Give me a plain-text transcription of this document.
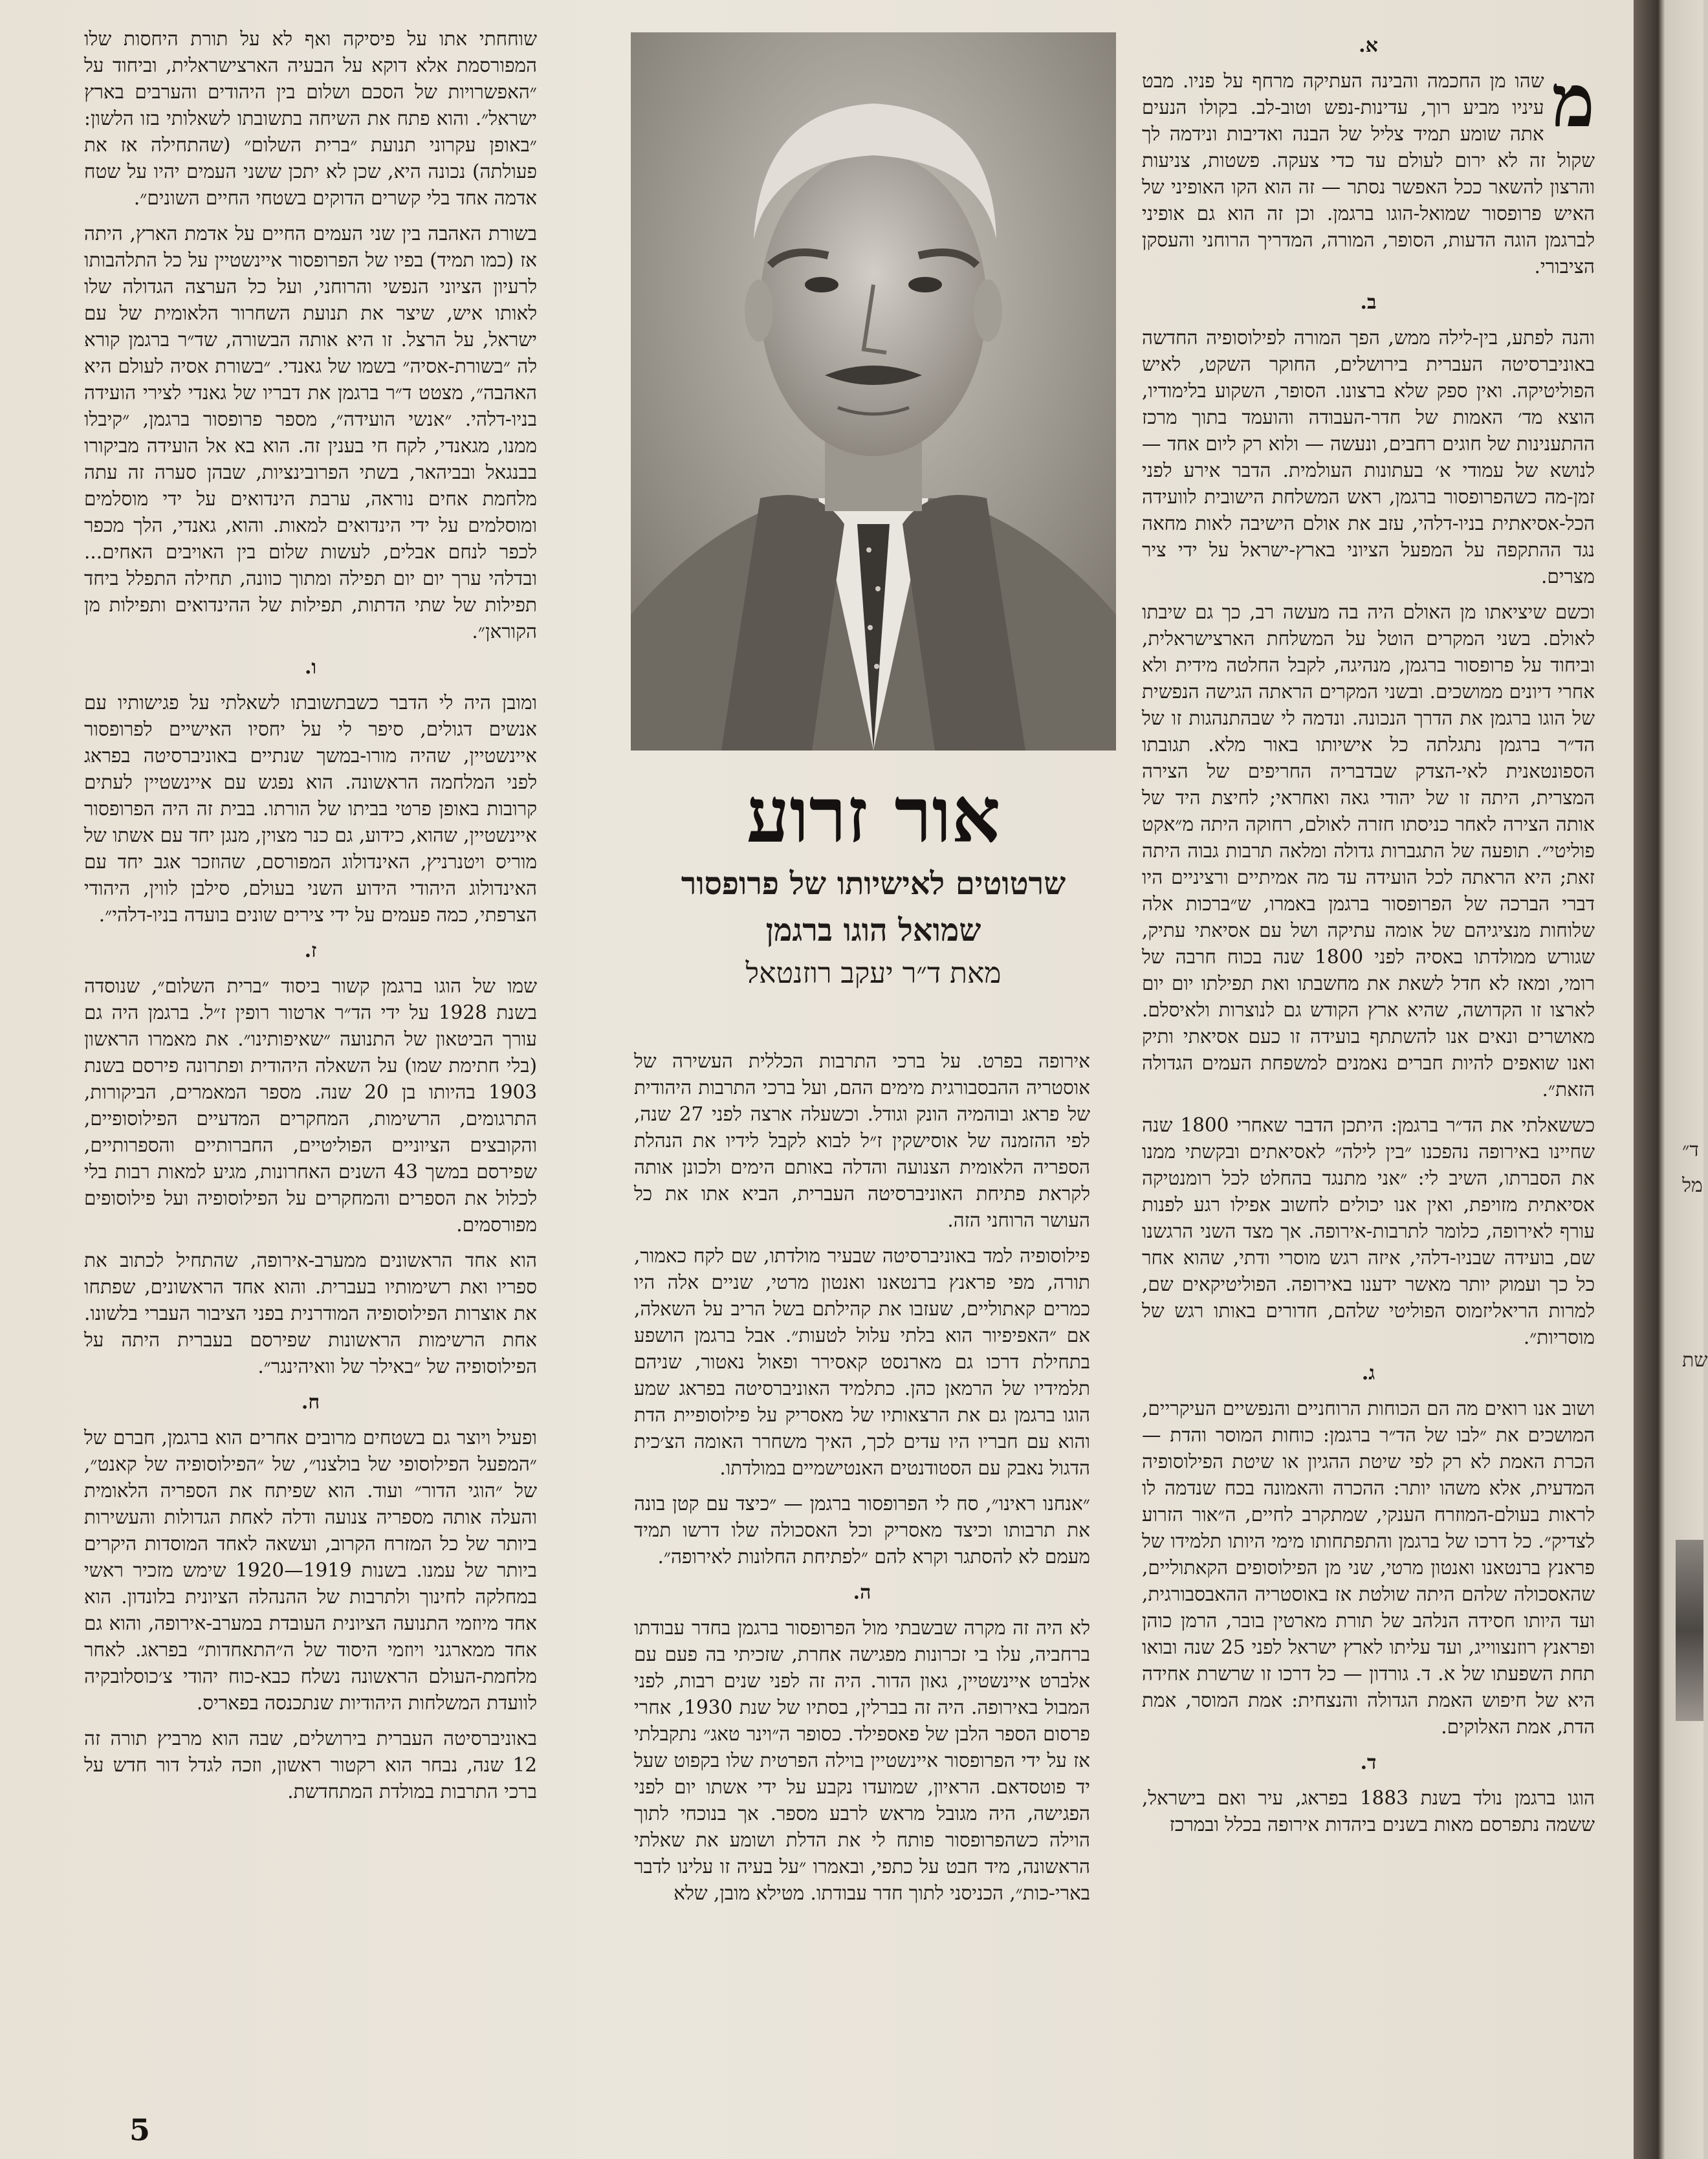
א.

מ
שהו מן החכמה והבינה העתיקה מרחף על פניו. מבט עיניו מביע רוך, עדינות-נפש וטוב-לב. בקולו הנעים אתה שומע תמיד צליל של הבנה ואדיבות ונידמה לך שקול זה לא ירום לעולם עד כדי צעקה. פשטות, צניעות והרצון להשאר ככל האפשר נסתר — זה הוא הקו האופיני של האיש פרופסור שמואל-הוגו ברגמן. וכן זה הוא גם אופיני לברגמן הוגה הדעות, הסופר, המורה, המדריך הרוחני והעסקן הציבורי.

ב.

והנה לפתע, בין-לילה ממש, הפך המורה לפילוסופיה החדשה באוניברסיטה העברית בירושלים, החוקר השקט, לאיש הפוליטיקה. ואין ספק שלא ברצונו. הסופר, השקוע בלימודיו, הוצא מד׳ האמות של חדר-העבודה והועמד בתוך מרכז ההתענינות של חוגים רחבים, ונעשה — ולוא רק ליום אחד — לנושא של עמודי א׳ בעתונות העולמית. הדבר אירע לפני זמן-מה כשהפרופסור ברגמן, ראש המשלחת הישובית לוועידה הכל-אסיאתית בניו-דלהי, עזב את אולם הישיבה לאות מחאה נגד ההתקפה על המפעל הציוני בארץ-ישראל על ידי ציר מצרים.

וכשם שיציאתו מן האולם היה בה מעשה רב, כך גם שיבתו לאולם. בשני המקרים הוטל על המשלחת הארצישראלית, וביחוד על פרופסור ברגמן, מנהיגה, לקבל החלטה מידית ולא אחרי דיונים ממושכים. ובשני המקרים הראתה הגישה הנפשית של הוגו ברגמן את הדרך הנכונה. ונדמה לי שבהתנהגות זו של הד״ר ברגמן נתגלתה כל אישיותו באור מלא. תגובתו הספונטאנית לאי-הצדק שבדבריה החריפים של הצירה המצרית, היתה זו של יהודי גאה ואחראי; לחיצת היד של אותה הצירה לאחר כניסתו חזרה לאולם, רחוקה היתה מ״אקט פוליטי״. תופעה של התגברות גדולה ומלאה תרבות גבוה היתה זאת; היא הראתה לכל הועידה עד מה אמיתיים ורציניים היו דברי הברכה של הפרופסור ברגמן באמרו, ש״ברכות אלה שלוחות מנציגיהם של אומה עתיקה ושל עם אסיאתי עתיק, שגורש ממולדתו באסיה לפני 1800 שנה בכוח חרבה של רומי, ומאז לא חדל לשאת את מחשבתו ואת תפילתו יום יום לארצו זו הקדושה, שהיא ארץ הקודש גם לנוצרות ולאיסלם. מאושרים ונאים אנו להשתתף בועידה זו כעם אסיאתי ותיק ואנו שואפים להיות חברים נאמנים למשפחת העמים הגדולה הזאת״.

כששאלתי את הד״ר ברגמן: היתכן הדבר שאחרי 1800 שנה שחיינו באירופה נהפכנו ״בין לילה״ לאסיאתים ובקשתי ממנו את הסברתו, השיב לי: ״אני מתנגד בהחלט לכל רומנטיקה אסיאתית מזויפת, ואין אנו יכולים לחשוב אפילו רגע לפנות עורף לאירופה, כלומר לתרבות-אירופה. אך מצד השני הרגשנו שם, בועידה שבניו-דלהי, איזה רגש מוסרי ודתי, שהוא אחר כל כך ועמוק יותר מאשר ידענו באירופה. הפוליטיקאים שם, למרות הריאליזמוס הפוליטי שלהם, חדורים באותו רגש של מוסריות״.

ג.

ושוב אנו רואים מה הם הכוחות הרוחניים והנפשיים העיקריים, המושכים את ״לבו של הד״ר ברגמן: כוחות המוסר והדת — הכרת האמת לא רק לפי שיטת ההגיון או שיטת הפילוסופיה המדעית, אלא משהו יותר: ההכרה והאמונה בכח שנדמה לו לראות בעולם-המוזרח הענקי, שמתקרב לחיים, ה״אור הזרוע לצדיק״. כל דרכו של ברגמן והתפתחותו מימי היותו תלמידו של פראנץ ברנטאנו ואנטון מרטי, שני מן הפילוסופים הקאתוליים, שהאסכולה שלהם היתה שולטת אז באוסטריה ההאבסבורגית, ועד היותו חסידה הנלהב של תורת מארטין בובר, הרמן כוהן ופראנץ רוזנצווייג, ועד עליתו לארץ ישראל לפני 25 שנה ובואו תחת השפעתו של א. ד. גורדון — כל דרכו זו שרשרת אחידה היא של חיפוש האמת הגדולה והנצחית: אמת המוסר, אמת הדת, אמת האלוקים.

ד.

הוגו ברגמן נולד בשנת 1883 בפראג, עיר ואם בישראל, ששמה נתפרסם מאות בשנים ביהדות אירופה בכלל ובמרכז

אור זרוע
שרטוטים לאישיותו של פרופסור
שמואל הוגו ברגמן
מאת ד״ר יעקב רוזנטאל

אירופה בפרט. על ברכי התרבות הכללית העשירה של אוסטריה ההבסבורגית מימים ההם, ועל ברכי התרבות היהודית של פראג ובוהמיה הונק וגודל. וכשעלה ארצה לפני 27 שנה, לפי ההזמנה של אוסישקין ז״ל לבוא לקבל לידיו את הנהלת הספריה הלאומית הצנועה והדלה באותם הימים ולכונן אותה לקראת פתיחת האוניברסיטה העברית, הביא אתו את כל העושר הרוחני הזה.

פילוסופיה למד באוניברסיטה שבעיר מולדתו, שם לקח כאמור, תורה, מפי פראנץ ברנטאנו ואנטון מרטי, שניים אלה היו כמרים קאתוליים, שעזבו את קהילתם בשל הריב על השאלה, אם ״האפיפיור הוא בלתי עלול לטעות״. אבל ברגמן הושפע בתחילת דרכו גם מארנסט קאסירר ופאול נאטור, שניהם תלמידיו של הרמאן כהן. כתלמיד האוניברסיטה בפראג שמע הוגו ברגמן גם את הרצאותיו של מאסריק על פילוסופיית הדת והוא עם חבריו היו עדים לכך, האיך משחרר האומה הצ׳כית הדגול נאבק עם הסטודנטים האנטישמיים במולדתו.

״אנחנו ראינו״, סח לי הפרופסור ברגמן — ״כיצד עם קטן בונה את תרבותו וכיצד מאסריק וכל האסכולה שלו דרשו תמיד מעמם לא להסתגר וקרא להם ״לפתיחת החלונות לאירופה״.

ה.

לא היה זה מקרה שבשבתי מול הפרופסור ברגמן בחדר עבודתו ברחביה, עלו בי זכרונות מפגישה אחרת, שזכיתי בה פעם עם אלברט איינשטיין, גאון הדור. היה זה לפני שנים רבות, לפני המבול באירופה. היה זה בברלין, בסתיו של שנת 1930, אחרי פרסום הספר הלבן של פאספילד. כסופר ה״וינר טאג״ נתקבלתי אז על ידי הפרופסור איינשטיין בוילה הפרטית שלו בקפוט שעל יד פוטסדאם. הראיון, שמועדו נקבע על ידי אשתו יום לפני הפגישה, היה מגובל מראש לרבע מספר. אך בנוכחי לתוך הוילה כשהפרופסור פותח לי את הדלת ושומע את שאלתי הראשונה, מיד חבט על כתפי, ובאמרו ״על בעיה זו עלינו לדבר בארי-כות״, הכניסני לתוך חדר עבודתו. מטילא מובן, שלא

שוחחתי אתו על פיסיקה ואף לא על תורת היחסות שלו המפורסמת אלא דוקא על הבעיה הארצישראלית, וביחוד על ״האפשרויות של הסכם ושלום בין היהודים והערבים בארץ ישראל״. והוא פתח את השיחה בתשובתו לשאלותי בזו הלשון: ״באופן עקרוני תנועת ״ברית השלום״ (שהתחילה אז את פעולתה) נכונה היא, שכן לא יתכן ששני העמים יהיו על שטח אדמה אחד בלי קשרים הדוקים בשטחי החיים השונים״.

בשורת האהבה בין שני העמים החיים על אדמת הארץ, היתה אז (כמו תמיד) בפיו של הפרופסור איינשטיין על כל התלהבותו לרעיון הציוני הנפשי והרוחני, ועל כל הערצה הגדולה שלו לאותו איש, שיצר את תנועת השחרור הלאומית של עם ישראל, על הרצל. זו היא אותה הבשורה, שד״ר ברגמן קורא לה ״בשורת-אסיה״ בשמו של גאנדי. ״בשורת אסיה לעולם היא האהבה״, מצטט ד״ר ברגמן את דבריו של גאנדי לצירי הועידה בניו-דלהי. ״אנשי הועידה״, מספר פרופסור ברגמן, ״קיבלו ממנו, מגאנדי, לקח חי בענין זה. הוא בא אל הועידה מביקורו בבנגאל ובביהאר, בשתי הפרובינציות, שבהן סערה זה עתה מלחמת אחים נוראה, ערבת הינדואים על ידי מוסלמים ומוסלמים על ידי הינדואים למאות. והוא, גאנדי, הלך מכפר לכפר לנחם אבלים, לעשות שלום בין האויבים האחים... ובדלהי ערך יום יום תפילה ומתוך כוונה, תחילה התפלל ביחד תפילות של שתי הדתות, תפילות של ההינדואים ותפילות מן הקוראן״.

ו.

ומובן היה לי הדבר כשבתשובתו לשאלתי על פגישותיו עם אנשים דגולים, סיפר לי על יחסיו האישיים לפרופסור איינשטיין, שהיה מורו-במשך שנתיים באוניברסיטה בפראג לפני המלחמה הראשונה. הוא נפגש עם איינשטיין לעתים קרובות באופן פרטי בביתו של הורתו. בבית זה היה הפרופסור איינשטיין, שהוא, כידוע, גם כנר מצוין, מנגן יחד עם אשתו של מוריס ויטנרניץ, האינדולוג המפורסם, שהוזכר אגב יחד עם האינדולוג היהודי הידוע השני בעולם, סילבן לווין, היהודי הצרפתי, כמה פעמים על ידי צירים שונים בועדה בניו-דלהי״.

ז.

שמו של הוגו ברגמן קשור ביסוד ״ברית השלום״, שנוסדה בשנת 1928 על ידי הד״ר ארטור רופין ז״ל. ברגמן היה גם עורך הביטאון של התנועה ״שאיפותינו״. את מאמרו הראשון (בלי חתימת שמו) על השאלה היהודית ופתרונה פירסם בשנת 1903 בהיותו בן 20 שנה. מספר המאמרים, הביקורות, התרגומים, הרשימות, המחקרים המדעיים הפילוסופיים, והקובצים הציוניים הפוליטיים, החברותיים והספרותיים, שפירסם במשך 43 השנים האחרונות, מגיע למאות רבות בלי לכלול את הספרים והמחקרים על הפילוסופיה ועל פילוסופים מפורסמים.

הוא אחד הראשונים ממערב-אירופה, שהתחיל לכתוב את ספריו ואת רשימותיו בעברית. והוא אחד הראשונים, שפתחו את אוצרות הפילוסופיה המודרנית בפני הציבור העברי בלשונו. אחת הרשימות הראשונות שפירסם בעברית היתה על הפילוסופיה של ״באילר של וואיהינגר״.

ח.

ופעיל ויוצר גם בשטחים מרובים אחרים הוא ברגמן, חברם של ״המפעל הפילוסופי של בולצנו״, של ״הפילוסופיה של קאנט״, של ״הוגי הדור״ ועוד. הוא שפיתח את הספריה הלאומית והעלה אותה מספריה צנועה ודלה לאחת הגדולות והעשירות ביותר של כל המזרח הקרוב, ועשאה לאחד המוסדות היקרים ביותר של עמנו. בשנות 1919—1920 שימש מזכיר ראשי במחלקה לחינוך ולתרבות של ההנהלה הציונית בלונדון. הוא אחד מיוזמי התנועה הציונית העובדת במערב-אירופה, והוא גם אחד ממארגני ויוזמי היסוד של ה״התאחדות״ בפראג. לאחר מלחמת-העולם הראשונה נשלח כבא-כוח יהודי צ׳כוסלובקיה לוועדת המשלחות היהודיות שנתכנסה בפאריס.

באוניברסיטה העברית בירושלים, שבה הוא מרביץ תורה זה 12 שנה, נבחר הוא רקטור ראשון, וזכה לגדל דור חדש על ברכי התרבות במולדת המתחדשת.

5
ד״
מל
שת
